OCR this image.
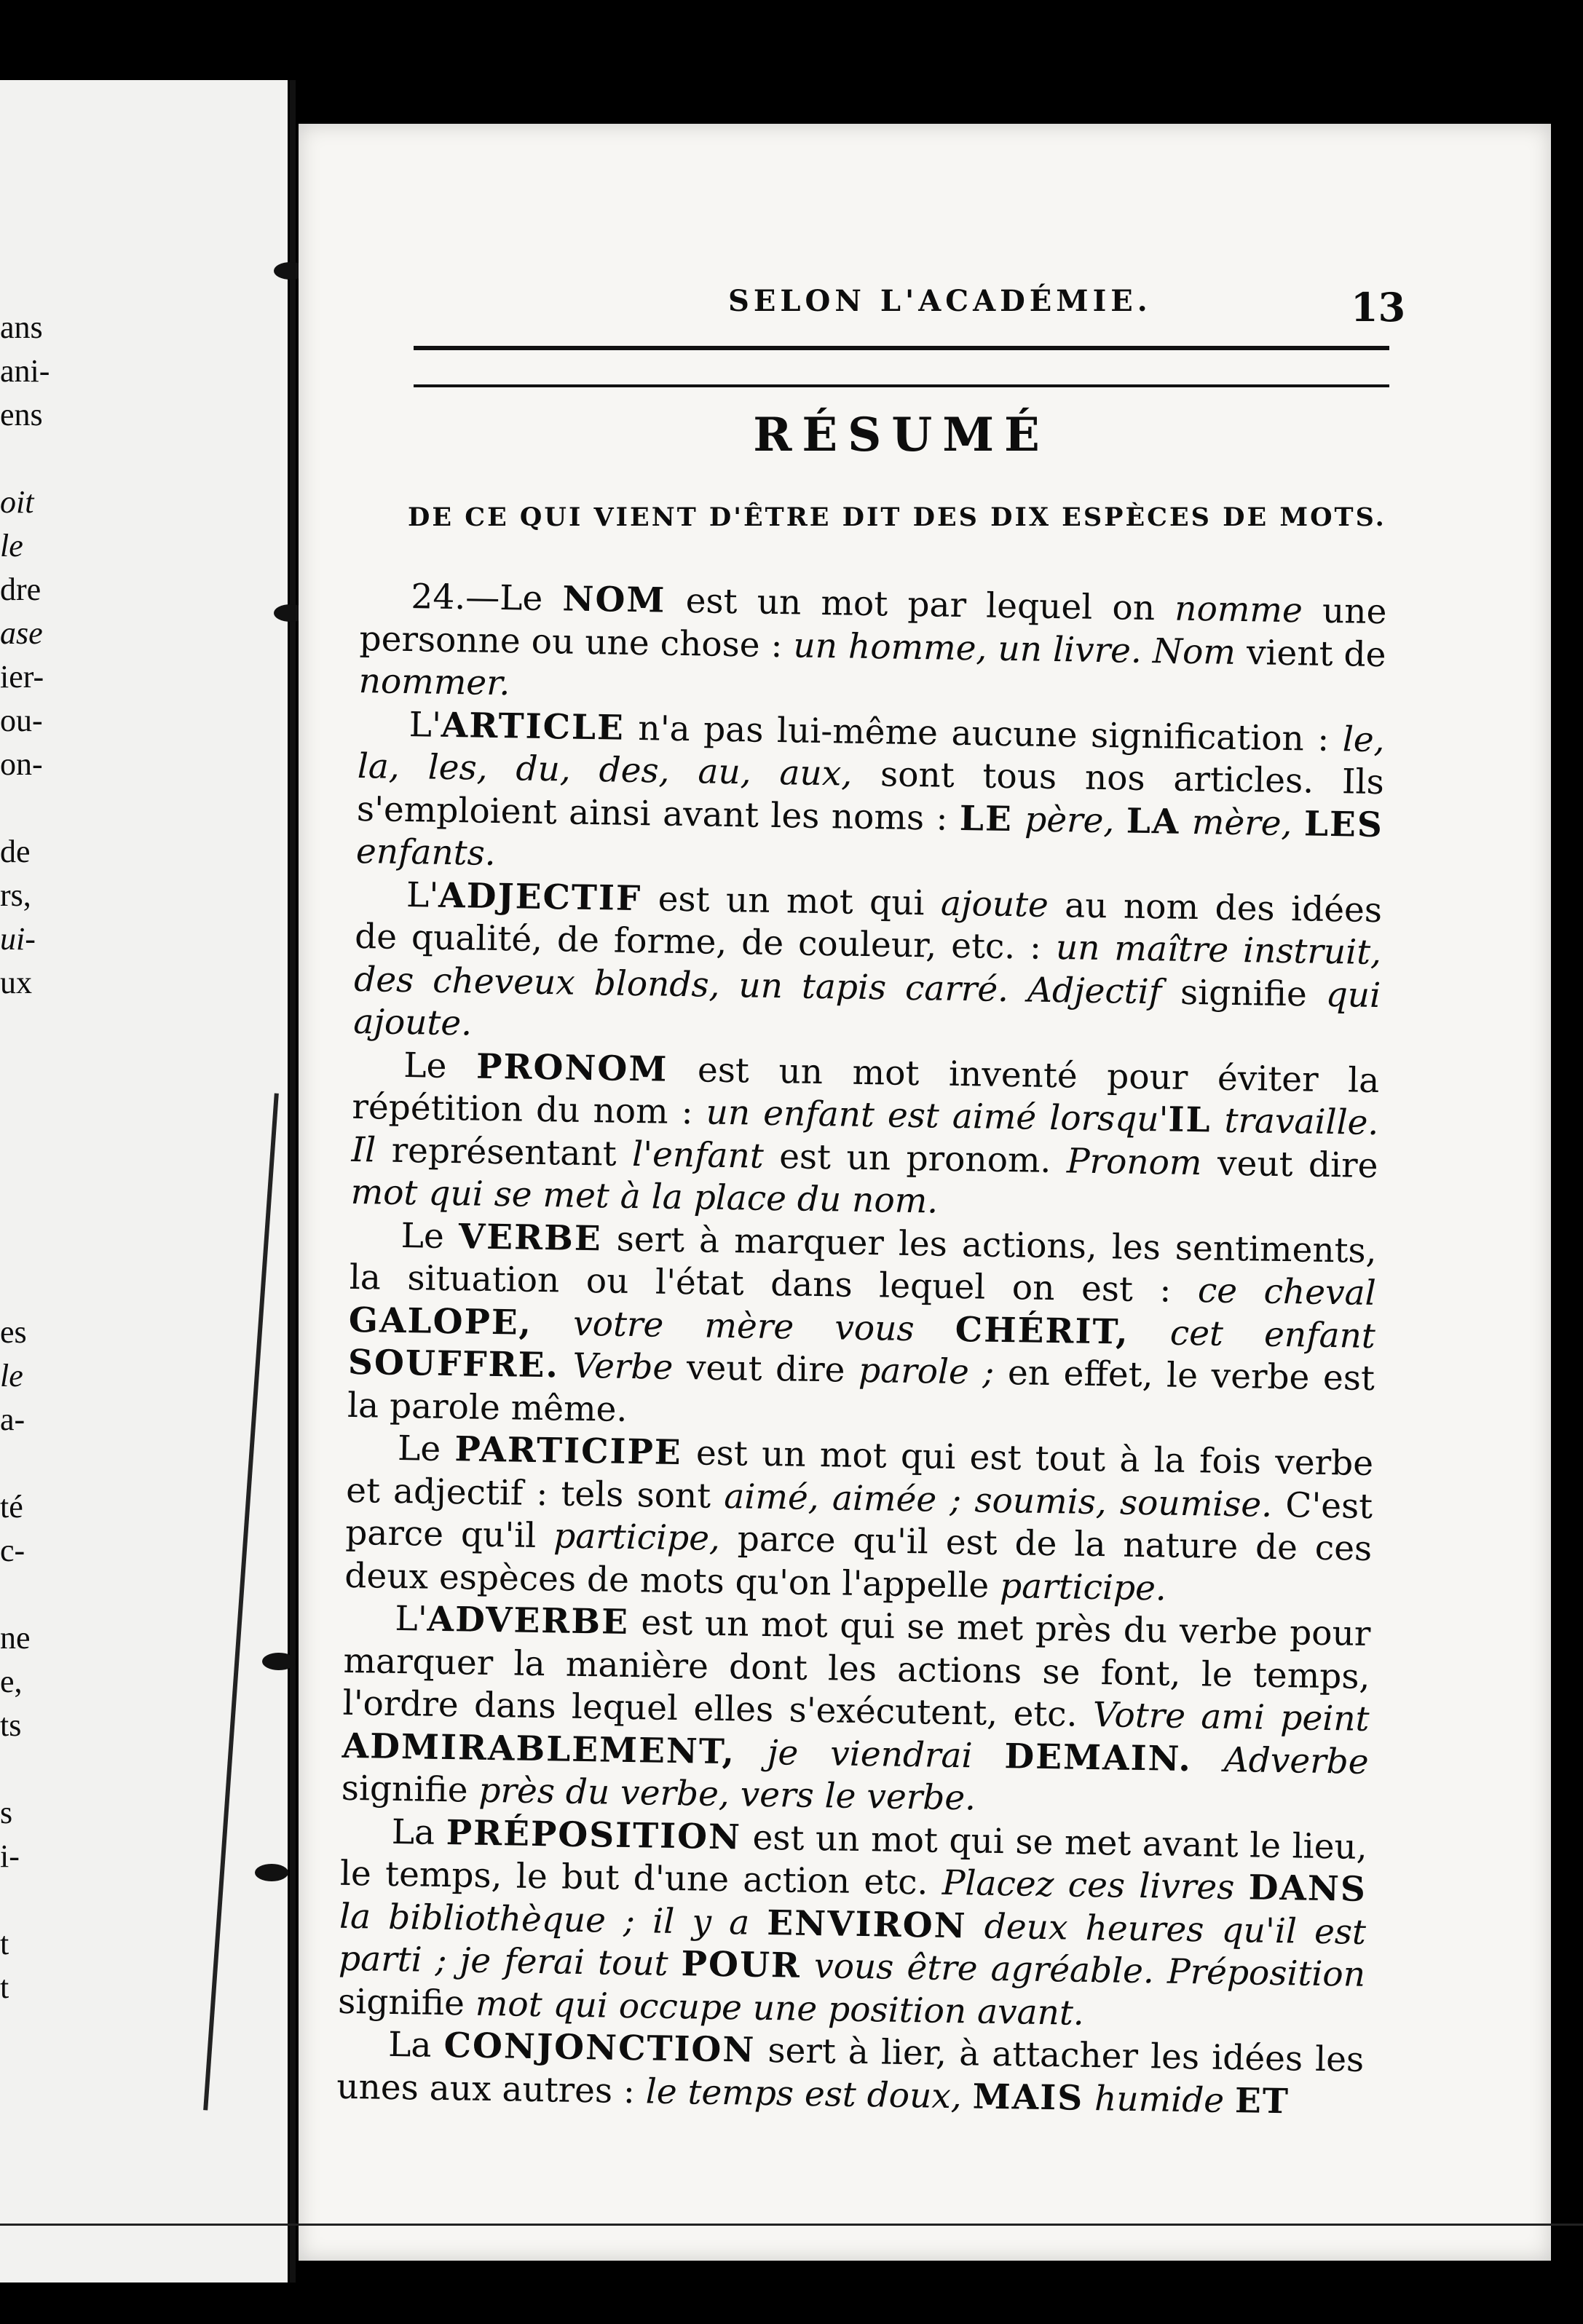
ans
ani-
ens
oit
le
dre
ase
ier-
ou-
on-
de
rs,
ui-
ux
es
le
a-
té
c-
ne
e,
ts
s
i-
t
t
SELON L'ACADÉMIE.	13
RÉSUMÉ
DE CE QUI VIENT D'ÊTRE DIT DES DIX ESPÈCES DE MOTS.

24.—Le NOM est un mot par lequel on nomme une personne ou une chose : un homme, un livre. Nom vient de nommer.

L'ARTICLE n'a pas lui-même aucune signification : le, la, les, du, des, au, aux, sont tous nos articles. Ils s'emploient ainsi avant les noms : LE père, LA mère, LES enfants.

L'ADJECTIF est un mot qui ajoute au nom des idées de qualité, de forme, de couleur, etc. : un maître instruit, des cheveux blonds, un tapis carré. Adjectif signifie qui ajoute.

Le PRONOM est un mot inventé pour éviter la répétition du nom : un enfant est aimé lorsqu'IL travaille. Il représentant l'enfant est un pronom. Pronom veut dire mot qui se met à la place du nom.

Le VERBE sert à marquer les actions, les sentiments, la situation ou l'état dans lequel on est : ce cheval GALOPE, votre mère vous CHÉRIT, cet enfant SOUFFRE. Verbe veut dire parole ; en effet, le verbe est la parole même.

Le PARTICIPE est un mot qui est tout à la fois verbe et adjectif : tels sont aimé, aimée ; soumis, soumise. C'est parce qu'il participe, parce qu'il est de la nature de ces deux espèces de mots qu'on l'appelle participe.

L'ADVERBE est un mot qui se met près du verbe pour marquer la manière dont les actions se font, le temps, l'ordre dans lequel elles s'exécutent, etc. Votre ami peint ADMIRABLEMENT, je viendrai DEMAIN. Adverbe signifie près du verbe, vers le verbe.

La PRÉPOSITION est un mot qui se met avant le lieu, le temps, le but d'une action etc. Placez ces livres DANS la bibliothèque ; il y a ENVIRON deux heures qu'il est parti ; je ferai tout POUR vous être agréable. Préposition signifie mot qui occupe une position avant.

La CONJONCTION sert à lier, à attacher les idées les unes aux autres : le temps est doux, MAIS humide ET
